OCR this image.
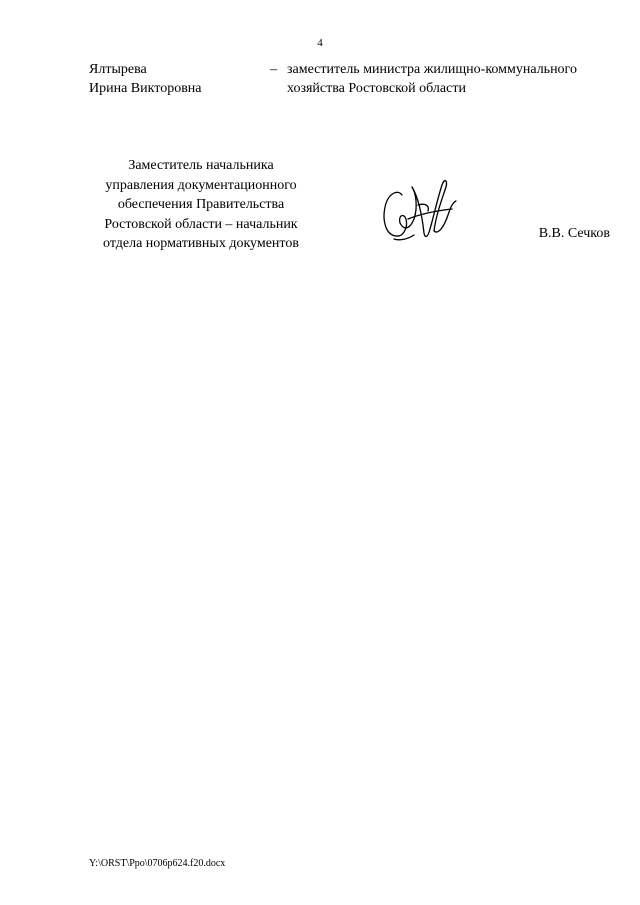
4
Ялтырева
Ирина Викторовна
– заместитель министра жилищно-коммунального
хозяйства Ростовской области
Заместитель начальника
управления документационного
обеспечения Правительства
Ростовской области – начальник
отдела нормативных документов
В.В. Сечков
Y:\ORST\Ppo\0706p624.f20.docx
